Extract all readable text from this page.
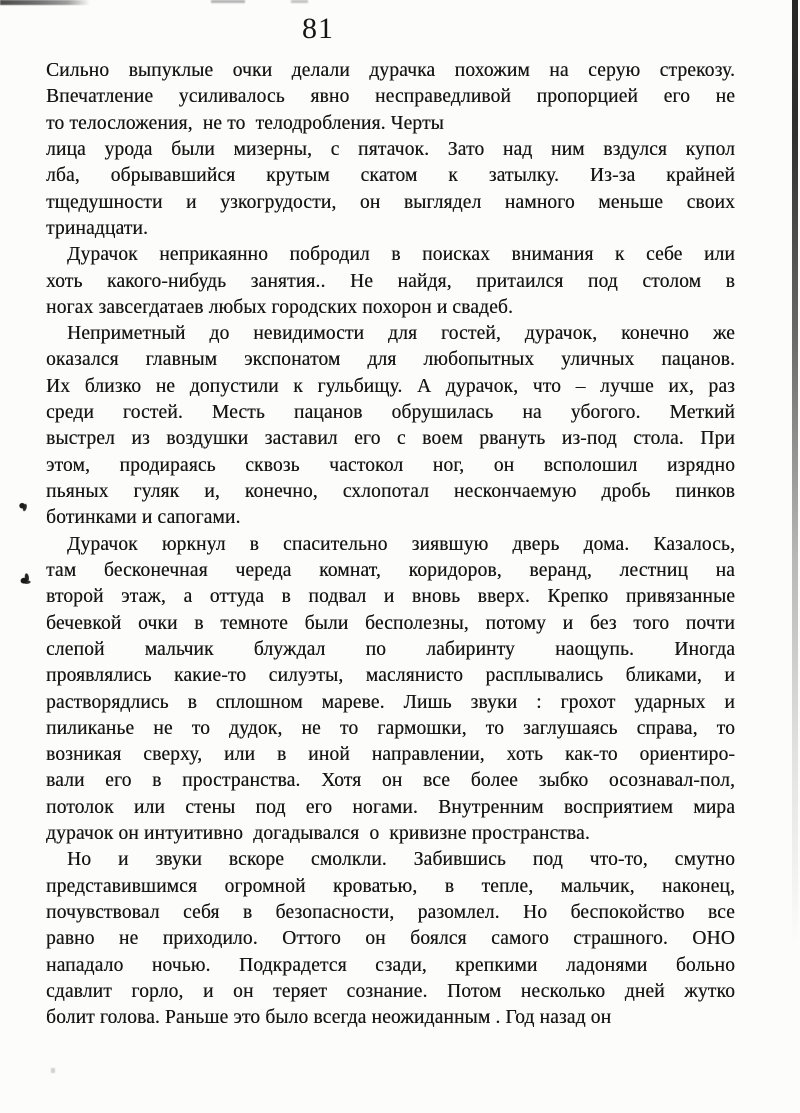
81
Сильно выпуклые очки делали дурачка похожим на серую стрекозу.
Впечатление усиливалось явно несправедливой пропорцией его не
то телосложения,  не то  телодробления. Черты
лица урода были мизерны, с пятачок. Зато над ним вздулся купол
лба, обрывавшийся крутым скатом к затылку. Из-за крайней
тщедушности и узкогрудости, он выглядел намного меньше своих
тринадцати.
Дурачок неприкаянно побродил в поисках внимания к себе или
хоть какого-нибудь занятия.. Не найдя, притаился под столом в
ногах завсегдатаев любых городских похорон и свадеб.
Неприметный до невидимости для гостей, дурачок, конечно же
оказался главным экспонатом для любопытных уличных пацанов.
Их близко не допустили к гульбищу. А дурачок, что – лучше их, раз
среди гостей. Месть пацанов обрушилась на убогого. Меткий
выстрел из воздушки заставил его с воем рвануть из-под стола. При
этом, продираясь сквозь частокол ног, он всполошил изрядно
пьяных гуляк и, конечно, схлопотал нескончаемую дробь пинков
ботинками и сапогами.
Дурачок юркнул в спасительно зиявшую дверь дома. Казалось,
там бесконечная череда комнат, коридоров, веранд, лестниц на
второй этаж, а оттуда в подвал и вновь вверх. Крепко привязанные
бечевкой очки в темноте были бесполезны, потому и без того почти
слепой мальчик блуждал по лабиринту наощупь. Иногда
проявлялись какие-то силуэты, маслянисто расплывались бликами, и
растворядлись в сплошном мареве. Лишь звуки : грохот ударных и
пиликанье не то дудок, не то гармошки, то заглушаясь справа, то
возникая сверху, или в иной направлении, хоть как-то ориентиро-
вали его в пространства. Хотя он все более зыбко осознавал-пол,
потолок или стены под его ногами. Внутренним восприятием мира
дурачок он интуитивно  догадывался  о  кривизне пространства.
Но и звуки вскоре смолкли. Забившись под что-то, смутно
представившимся огромной кроватью, в тепле, мальчик, наконец,
почувствовал себя в безопасности, разомлел. Но беспокойство все
равно не приходило. Оттого он боялся самого страшного. ОНО
нападало ночью. Подкрадется сзади, крепкими ладонями больно
сдавлит горло, и он теряет сознание. Потом несколько дней жутко
болит голова. Раньше это было всегда неожиданным . Год назад он
